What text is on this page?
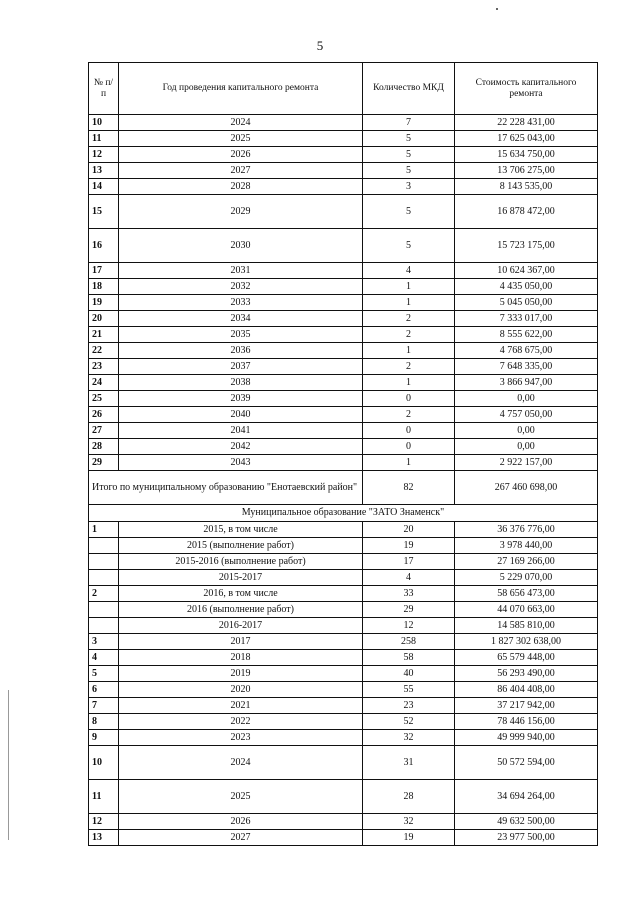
5
№ п/п	Год проведения капитального ремонта	Количество МКД	Стоимость капитального ремонта
10	2024	7	22 228 431,00
11	2025	5	17 625 043,00
12	2026	5	15 634 750,00
13	2027	5	13 706 275,00
14	2028	3	8 143 535,00
15	2029	5	16 878 472,00
16	2030	5	15 723 175,00
17	2031	4	10 624 367,00
18	2032	1	4 435 050,00
19	2033	1	5 045 050,00
20	2034	2	7 333 017,00
21	2035	2	8 555 622,00
22	2036	1	4 768 675,00
23	2037	2	7 648 335,00
24	2038	1	3 866 947,00
25	2039	0	0,00
26	2040	2	4 757 050,00
27	2041	0	0,00
28	2042	0	0,00
29	2043	1	2 922 157,00
Итого по муниципальному образованию "Енотаевский район"		82	267 460 698,00
Муниципальное образование "ЗАТО Знаменск"			
1	2015, в том числе	20	36 376 776,00
	2015 (выполнение работ)	19	3 978 440,00
	2015-2016 (выполнение работ)	17	27 169 266,00
	2015-2017	4	5 229 070,00
2	2016, в том числе	33	58 656 473,00
	2016 (выполнение работ)	29	44 070 663,00
	2016-2017	12	14 585 810,00
3	2017	258	1 827 302 638,00
4	2018	58	65 579 448,00
5	2019	40	56 293 490,00
6	2020	55	86 404 408,00
7	2021	23	37 217 942,00
8	2022	52	78 446 156,00
9	2023	32	49 999 940,00
10	2024	31	50 572 594,00
11	2025	28	34 694 264,00
12	2026	32	49 632 500,00
13	2027	19	23 977 500,00
